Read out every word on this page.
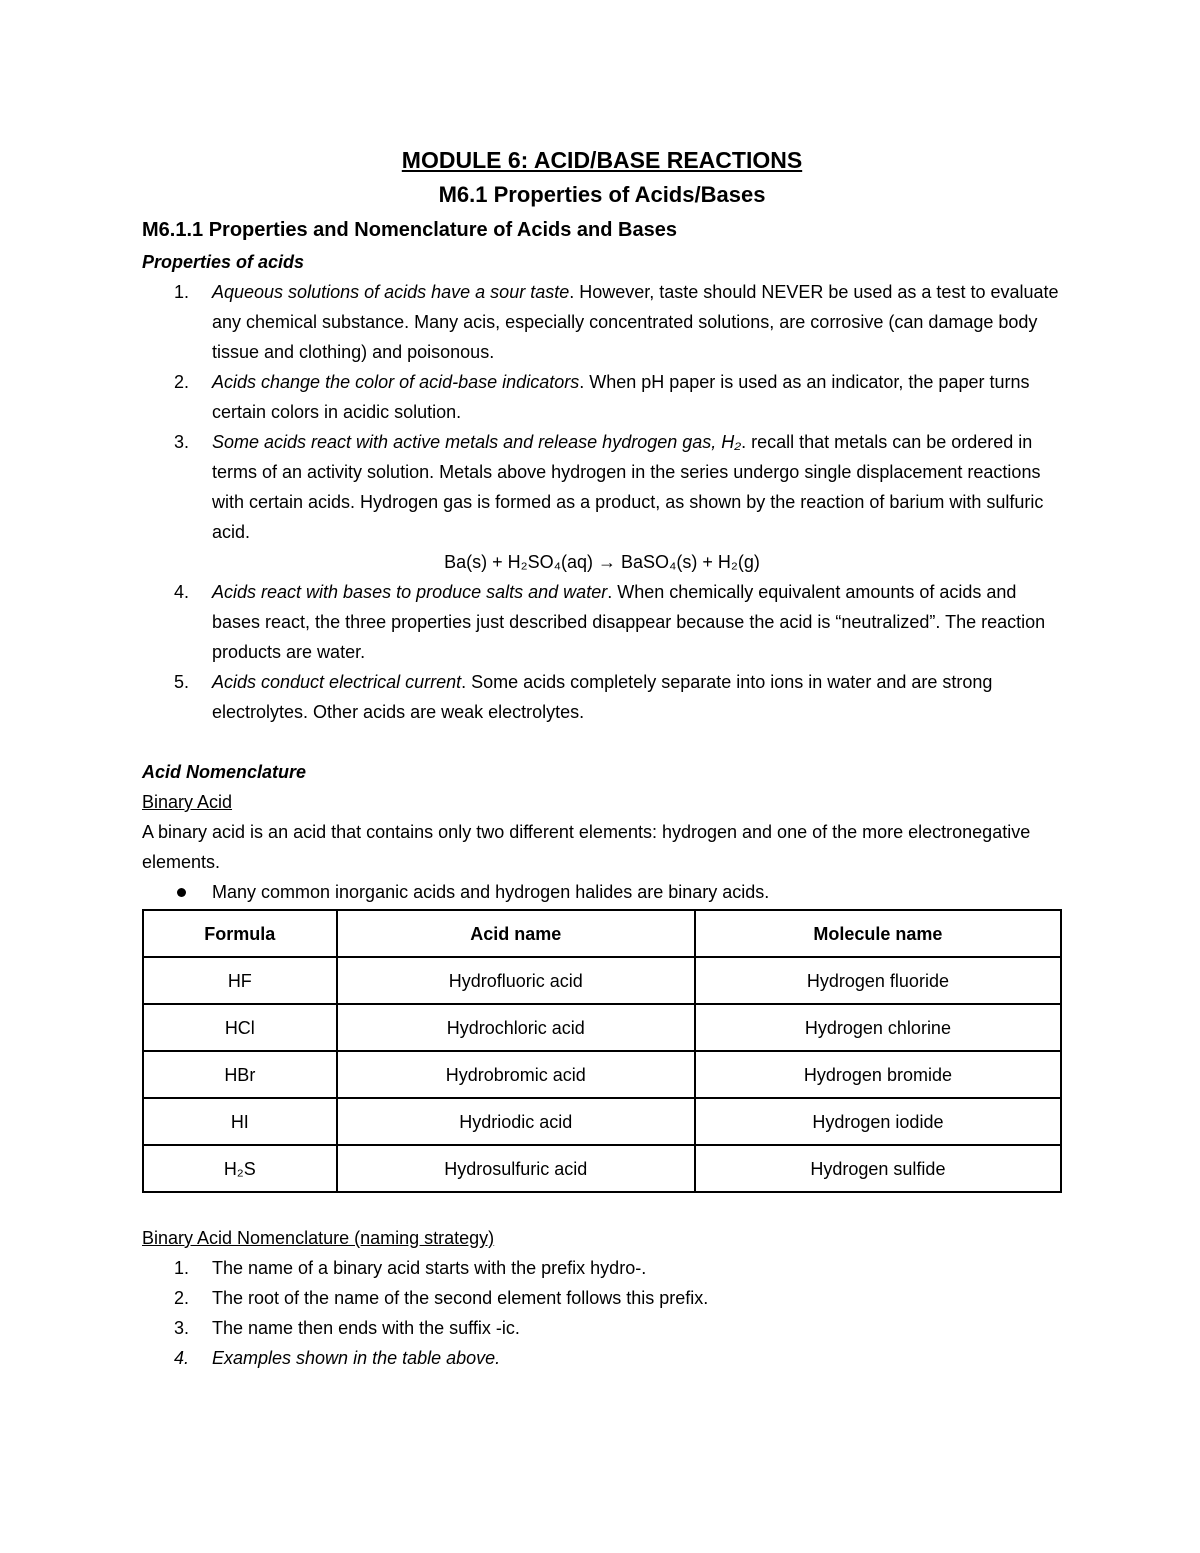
MODULE 6: ACID/BASE REACTIONS

M6.1 Properties of Acids/Bases

M6.1.1 Properties and Nomenclature of Acids and Bases

Properties of acids

1. Aqueous solutions of acids have a sour taste. However, taste should NEVER be used as a test to evaluate any chemical substance. Many acis, especially concentrated solutions, are corrosive (can damage body tissue and clothing) and poisonous.
2. Acids change the color of acid-base indicators. When pH paper is used as an indicator, the paper turns certain colors in acidic solution.
3. Some acids react with active metals and release hydrogen gas, H₂. recall that metals can be ordered in terms of an activity solution. Metals above hydrogen in the series undergo single displacement reactions with certain acids. Hydrogen gas is formed as a product, as shown by the reaction of barium with sulfuric acid.

Ba(s) + H₂SO₄(aq) → BaSO₄(s) + H₂(g)

4. Acids react with bases to produce salts and water. When chemically equivalent amounts of acids and bases react, the three properties just described disappear because the acid is “neutralized”. The reaction products are water.
5. Acids conduct electrical current. Some acids completely separate into ions in water and are strong electrolytes. Other acids are weak electrolytes.

Acid Nomenclature

Binary Acid

A binary acid is an acid that contains only two different elements: hydrogen and one of the more electronegative elements.

Many common inorganic acids and hydrogen halides are binary acids.
Formula	Acid name	Molecule name
HF	Hydrofluoric acid	Hydrogen fluoride
HCl	Hydrochloric acid	Hydrogen chlorine
HBr	Hydrobromic acid	Hydrogen bromide
HI	Hydriodic acid	Hydrogen iodide
H₂S	Hydrosulfuric acid	Hydrogen sulfide

Binary Acid Nomenclature (naming strategy)

1. The name of a binary acid starts with the prefix hydro-.
2. The root of the name of the second element follows this prefix.
3. The name then ends with the suffix -ic.
4. Examples shown in the table above.
